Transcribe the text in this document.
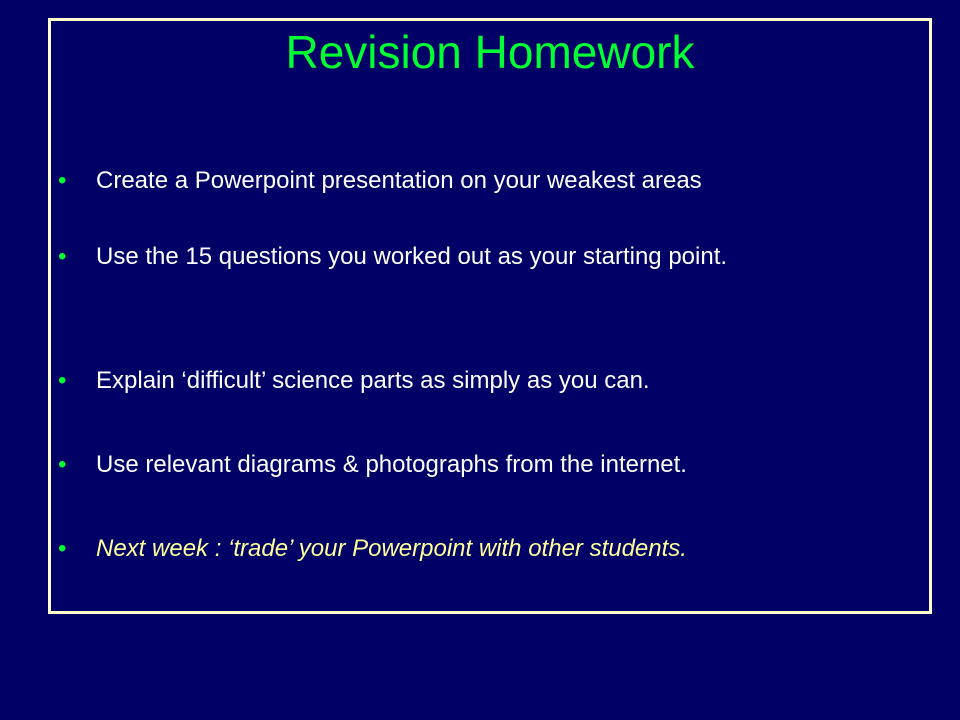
Revision Homework
•	Create a Powerpoint presentation on your weakest areas
•	Use the 15 questions you worked out as your starting point.
•	Explain ‘difficult’ science parts as simply as you can.
•	Use relevant diagrams & photographs from the internet.
•	Next week : ‘trade’ your Powerpoint with other students.
